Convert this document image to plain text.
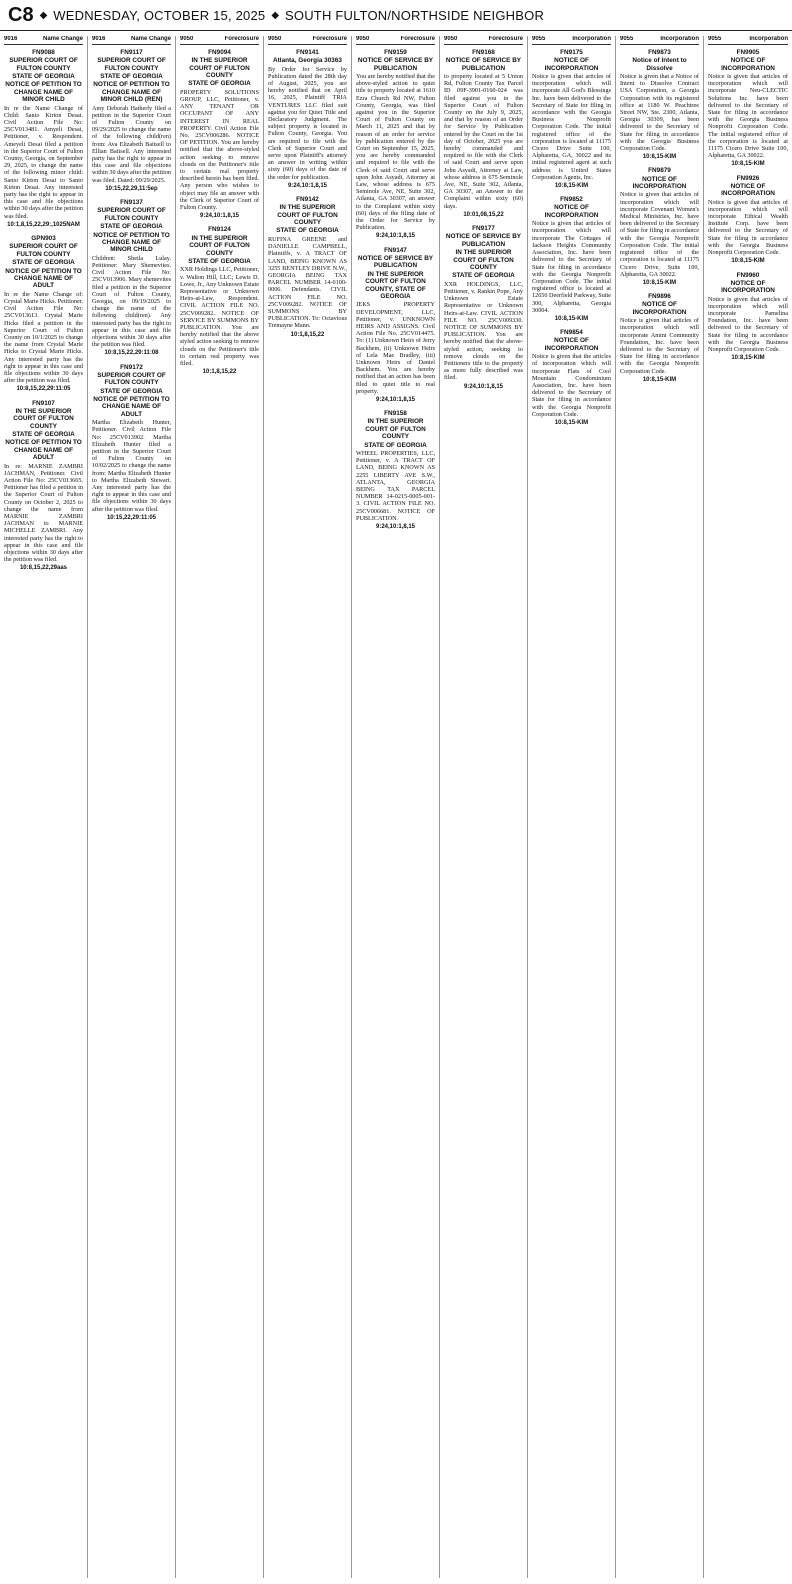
C8 ◆ WEDNESDAY, OCTOBER 15, 2025 ◆ SOUTH FULTON/NORTHSIDE NEIGHBOR
9016	Name Change
FN9088
SUPERIOR COURT OF FULTON COUNTY
STATE OF GEORGIA
NOTICE OF PETITION TO CHANGE NAME OF MINOR CHILD
In re the Name Change of Child: Sanio Kirton Desai. Civil Action File No: 25CV013481. Amyeli Desai, Petitioner, v. Respondent. Ameyeli Desai filed a petition in the Superior Court of Fulton County, Georgia, on September 29, 2025, to change the name of the following minor child: Sanio Kirton Desai to Sanio Kirton Desai. Any interested party has the right to appear in this case and file objections within 30 days after the petition was filed.
10:1,8,15,22,29:,1025NAM
GPN903
SUPERIOR COURT OF FULTON COUNTY
STATE OF GEORGIA
NOTICE OF PETITION TO CHANGE NAME OF ADULT
In re the Name Change of: Crystal Marie Hicks. Petitioner. Civil Action File No: 25CV013613. Crystal Marie Hicks filed a petition in the Superior Court of Fulton County on 10/1/2025 to change the name from Crystal Marie Hicks to Crystal Marie Hicks. Any interested party has the right to appear in this case and file objections within 30 days after the petition was filed.
10:8,15,22,29:11:05
FN9107
IN THE SUPERIOR COURT OF FULTON COUNTY
STATE OF GEORGIA
NOTICE OF PETITION TO CHANGE NAME OF ADULT
In re: MARNIE ZAMBRI JACHMAN, Petitioner. Civil Action File No: 25CV013665. Petitioner has filed a petition in the Superior Court of Fulton County on October 2, 2025 to change the name from MARNIE ZAMBRI JACHMAN to MARNIE MICHELLE ZAMBRI. Any interested party has the right to appear in this case and file objections within 30 days after the petition was filed.
10:8,15,22,29aas
9016	Name Change
FN9117
SUPERIOR COURT OF FULTON COUNTY
STATE OF GEORGIA
NOTICE OF PETITION TO CHANGE NAME OF MINOR CHILD (REN)
Amy Deborah Hatherly filed a petition in the Superior Court of Fulton County on 09/29/2025 to change the name of the following child(ren) from: Ava Elizabeth Baitsell to Ellian Baitsell. Any interested party has the right to appear in this case and file objections within 30 days after the petition was filed. Dated: 09/29/2025.
10:15,22,29,11:5ep
FN9137
SUPERIOR COURT OF FULTON COUNTY
STATE OF GEORGIA
NOTICE OF PETITION TO CHANGE NAME OF MINOR CHILD
Children: Sheila Lulay. Petitioner: Mary Shemevites. Civil Action File No: 25CV013906. Mary shemevites filed a petition in the Superior Court of Fulton County, Georgia, on 09/19/2025 to change the name of the following child(ren). Any interested party has the right to appear in this case and file objections within 30 days after the petition was filed.
10:8,15,22,29:11:08
FN9172
SUPERIOR COURT OF FULTON COUNTY
STATE OF GEORGIA
NOTICE OF PETITION TO CHANGE NAME OF ADULT
Martha Elizabeth Hunter, Petitioner. Civil Action File No: 25CV013902. Martha Elizabeth Hunter filed a petition in the Superior Court of Fulton County on 10/02/2025 to change the name from: Martha Elizabeth Hunter to Martha Elizabeth Stewart. Any interested party has the right to appear in this case and file objections within 30 days after the petition was filed.
10:15,22,29:11:05
9050	Foreclosure
FN9094
IN THE SUPERIOR COURT OF FULTON COUNTY
STATE OF GEORGIA
PROPERTY SOLUTIONS GROUP, LLC, Petitioner, v. ANY TENANT OR OCCUPANT OF ANY INTEREST IN REAL PROPERTY. Civil Action File No. 25CV006286. NOTICE OF PETITION. You are hereby notified that the above-styled action seeking to remove clouds on the Petitioner's title to certain real property described herein has been filed. Any person who wishes to object may file an answer with the Clerk of Superior Court of Fulton County.
9:24,10:1,8,15
FN9124
IN THE SUPERIOR COURT OF FULTON COUNTY
STATE OF GEORGIA
XXR Holdings LLC, Petitioner, v. Walton Hill, LLC; Lewis D. Lowe, Jr., Any Unknown Estate Representative or Unknown Heirs-at-Law, Respondent. CIVIL ACTION FILE NO. 25CV009282. NOTICE OF SERVICE BY SUMMONS BY PUBLICATION. You are hereby notified that the above styled action seeking to remove clouds on the Petitioner's title to certain real property was filed.
10:1,8,15,22
9050	Foreclosure
FN9141
Atlanta, Georgia 30363
By Order for Service by Publication dated the 28th day of August, 2025, you are hereby notified that on April 16, 2025, Plaintiff TRIA VENTURES LLC filed suit against you for Quiet Title and Declaratory Judgment. The subject property is located in Fulton County, Georgia. You are required to file with the Clerk of Superior Court and serve upon Plaintiff's attorney an answer in writing within sixty (60) days of the date of the order for publication.
9:24,10:1,8,15
FN9142
IN THE SUPERIOR COURT OF FULTON COUNTY
STATE OF GEORGIA
RUFINA GREENE and DANIELLE CAMPBELL, Plaintiffs, v. A TRACT OF LAND, BEING KNOWN AS 3255 BENTLEY DRIVE N.W., GEORGIA BEING TAX PARCEL NUMBER 14-0100-0006. Defendants. CIVIL ACTION FILE NO. 25CV009282. NOTICE OF SUMMONS BY PUBLICATION. To: Octavious Tremayne Mann.
10:1,8,15,22
9050	Foreclosure
FN9159
NOTICE OF SERVICE BY PUBLICATION
You are hereby notified that the above-styled action to quiet title to property located at 1610 Ezra Church Rd NW, Fulton County, Georgia, was filed against you in the Superior Court of Fulton County on March 11, 2025 and that by reason of an order for service by publication entered by the Court on September 15, 2025, you are hereby commanded and required to file with the Clerk of said Court and serve upon John Asyadi, Attorney at Law, whose address is 675 Seminole Ave, NE, Suite 302, Atlanta, GA 30307, an answer to the Complaint within sixty (60) days of the filing date of the Order for Service by Publication.
9:24,10:1,8,15
FN9147
NOTICE OF SERVICE BY PUBLICATION
IN THE SUPERIOR COURT OF FULTON COUNTY, STATE OF GEORGIA
JEKS PROPERTY DEVELOPMENT, LLC, Petitioner, v. UNKNOWN HEIRS AND ASSIGNS. Civil Action File No. 25CV014475. To: (1) Unknown Heirs of Jerry Backhem, (ii) Unknown Heirs of Lela Mae Bradley, (iii) Unknown Heirs of Daniel Backhem. You are hereby notified that an action has been filed to quiet title to real property.
9:24,10:1,8,15
FN9158
IN THE SUPERIOR COURT OF FULTON COUNTY
STATE OF GEORGIA
WHEEL PROPERTIES, LLC, Petitioner, v. A TRACT OF LAND, BEING KNOWN AS 2255 LIBERTY AVE S.W., ATLANTA, GEORGIA BEING TAX PARCEL NUMBER 14-0215-0005-001-3. CIVIL ACTION FILE NO. 25CV006681. NOTICE OF PUBLICATION.
9:24,10:1,8,15
9050	Foreclosure
FN9168
NOTICE OF SERVICE BY PUBLICATION
to property located at 5 Union Rd, Fulton County Tax Parcel ID 09F-3901-0160-024 was filed against you in the Superior Court of Fulton County on the July 9, 2025, and that by reason of an Order for Service by Publication entered by the Court on the 1st day of October, 2025 you are hereby commanded and required to file with the Clerk of said Court and serve upon John Asyadi, Attorney at Law, whose address is 675 Seminole Ave, NE, Suite 302, Atlanta, GA 30307, an Answer to the Complaint within sixty (60) days.
10:01,08,15,22
FN9177
NOTICE OF SERVICE BY PUBLICATION
IN THE SUPERIOR COURT OF FULTON COUNTY
STATE OF GEORGIA
XXR HOLDINGS, LLC, Petitioner, v. Rankin Pope, Any Unknown Estate Representative or Unknown Heirs-at-Law. CIVIL ACTION FILE NO. 25CV009330. NOTICE OF SUMMONS BY PUBLICATION. You are hereby notified that the above-styled action, seeking to remove clouds on the Petitioners title to the property as more fully described was filed.
9:24,10:1,8,15
9055	Incorporation
FN9175
NOTICE OF INCORPORATION
Notice is given that articles of incorporation which will incorporate All God's Blessings Inc. have been delivered to the Secretary of State for filing in accordance with the Georgia Business Nonprofit Corporation Code. The initial registered office of the corporation is located at 11175 Cicero Drive Suite 100, Alpharetta, GA, 30022 and its initial registered agent at such address is United States Corporation Agents, Inc.
10:8,15-KIM
FN9852
NOTICE OF INCORPORATION
Notice is given that articles of incorporation which will incorporate The Cottages of Jackson Heights Community Association, Inc. have been delivered to the Secretary of State for filing in accordance with the Georgia Nonprofit Corporation Code. The initial registered office is located at 12650 Deerfield Parkway, Suite 300, Alpharetta, Georgia 30004.
10:8,15-KIM
FN9854
NOTICE OF INCORPORATION
Notice is given that the articles of incorporation which will incorporate Flats of Cool Mountain Condominium Association, Inc. have been delivered to the Secretary of State for filing in accordance with the Georgia Nonprofit Corporation Code.
10:8,15-KIM
9055	Incorporation
FN9873
Notice of Intent to Dissolve
Notice is given that a Notice of Intent to Dissolve Contract USA Corporation, a Georgia Corporation with its registered office at 1180 W. Peachtree Street NW, Ste. 2300, Atlanta, Georgia 30309, has been delivered to the Secretary of State for filing in accordance with the Georgia Business Corporation Code.
10:8,15-KIM
FN9879
NOTICE OF INCORPORATION
Notice is given that articles of incorporation which will incorporate Covenant Women's Medical Ministries, Inc. have been delivered to the Secretary of State for filing in accordance with the Georgia Nonprofit Corporation Code. The initial registered office of the corporation is located at 11175 Cicero Drive, Suite 100, Alpharetta, GA 30022.
10:8,15-KIM
FN9896
NOTICE OF INCORPORATION
Notice is given that articles of incorporation which will incorporate Amini Community Foundation, Inc. have been delivered to the Secretary of State for filing in accordance with the Georgia Nonprofit Corporation Code.
10:8,15-KIM
9055	Incorporation
FN9905
NOTICE OF INCORPORATION
Notice is given that articles of incorporation which will incorporate Neu-CLECTIC Solutions Inc. have been delivered to the Secretary of State for filing in accordance with the Georgia Business Nonprofit Corporation Code. The initial registered office of the corporation is located at 11175 Cicero Drive Suite 100, Alpharetta, GA 30022.
10:8,15-KIM
FN9926
NOTICE OF INCORPORATION
Notice is given that articles of incorporation which will incorporate Ethical Wealth Institute Corp. have been delivered to the Secretary of State for filing in accordance with the Georgia Business Nonprofit Corporation Code.
10:8,15-KIM
FN9960
NOTICE OF INCORPORATION
Notice is given that articles of incorporation which will incorporate Pamelina Foundation, Inc. have been delivered to the Secretary of State for filing in accordance with the Georgia Business Nonprofit Corporation Code.
10:8,15-KIM
